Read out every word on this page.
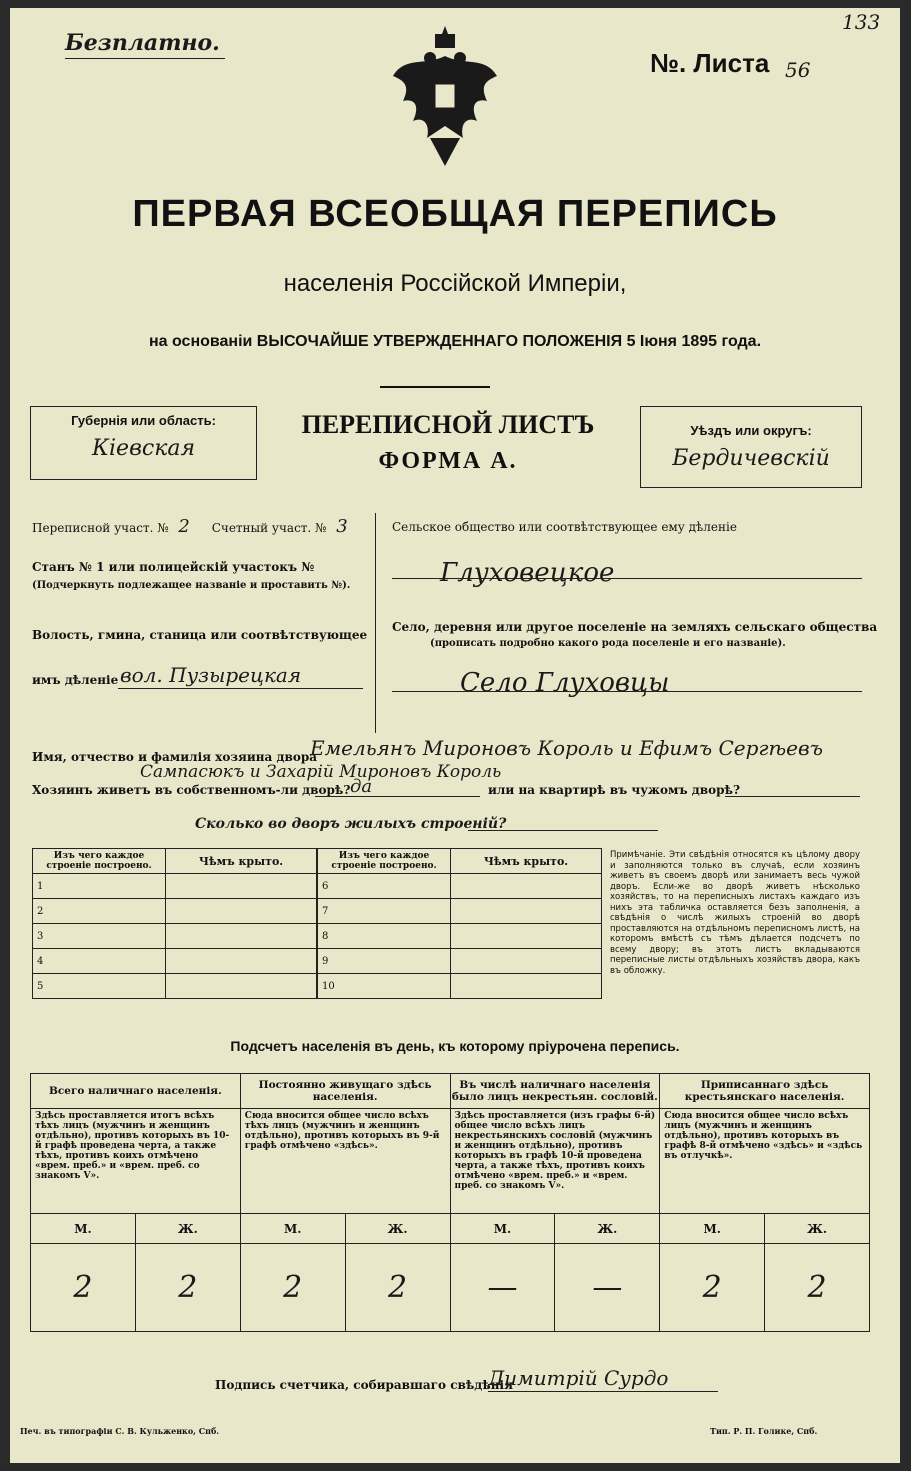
Безплатно.
№. Листа 56
133
ПЕРВАЯ ВСЕОБЩАЯ ПЕРЕПИСЬ
населенія Россійской Имперіи,
на основаніи ВЫСОЧАЙШЕ УТВЕРЖДЕННАГО ПОЛОЖЕНІЯ 5 Іюня 1895 года.
Губернія или область:
Кіевская
ПЕРЕПИСНОЙ ЛИСТЪ
ФОРМА А.
Уѣздъ или округъ:
Бердичевскій
Переписной участ. № 2 Счетный участ. № 3
Станъ № 1 или полицейскій участокъ №
(Подчеркнуть подлежащее названіе и проставить №).
Волость, гмина, станица или соотвѣтствующее
имъ дѣленіе вол. Пузырецкая
Сельское общество или соотвѣтствующее ему дѣленіе
Глуховецкое
Село, деревня или другое поселеніе на земляхъ сельскаго общества
(прописать подробно какого рода поселеніе и его названіе).
Село Глуховцы
Имя, отчество и фамилія хозяина двора
Емельянъ Мироновъ Король и Ефимъ Сергѣевъ
Сампасюкъ и Захарій Мироновъ Король
Хозяинъ живетъ въ собственномъ-ли дворѣ? да	или на квартирѣ въ чужомъ дворѣ?
Сколько во дворъ жилыхъ строеній?
Изъ чего каждое строеніе построено.	Чѣмъ крыто.
1	
2	
3	
4	
5	
Изъ чего каждое строеніе построено.	Чѣмъ крыто.
6	
7	
8	
9	
10	
Примѣчаніе. Эти свѣдѣнія относятся къ цѣлому двору и заполняются только въ случаѣ, если хозяинъ живетъ въ своемъ дворѣ или занимаетъ весь чужой дворъ. Если-же во дворѣ живетъ нѣсколько хозяйствъ, то на переписныхъ листахъ каждаго изъ нихъ эта табличка оставляется безъ заполненія, а свѣдѣнія о числѣ жилыхъ строеній во дворѣ проставляются на отдѣльномъ переписномъ листѣ, на которомъ вмѣстѣ съ тѣмъ дѣлается подсчетъ по всему двору; въ этотъ листъ вкладываются переписные листы отдѣльныхъ хозяйствъ двора, какъ въ обложку.
Подсчетъ населенія въ день, къ которому пріурочена перепись.
Всего наличнаго населенія.		Постоянно живущаго здѣсь населенія.		Въ числѣ наличнаго населенія было лицъ некрестьян. сословій.		Приписаннаго здѣсь крестьянскаго населенія.	
Здѣсь проставляется итогъ всѣхъ тѣхъ лицъ (мужчинъ и женщинъ отдѣльно), противъ которыхъ въ 10-й графѣ проведена черта, а также тѣхъ, противъ коихъ отмѣчено «врем. преб.» и «врем. преб. со знакомъ V».		Сюда вносится общее число всѣхъ тѣхъ лицъ (мужчинъ и женщинъ отдѣльно), противъ которыхъ въ 9-й графѣ отмѣчено «здѣсь».		Здѣсь проставляется (изъ графы 6-й) общее число всѣхъ лицъ некрестьянскихъ сословій (мужчинъ и женщинъ отдѣльно), противъ которыхъ въ графѣ 10-й проведена черта, а также тѣхъ, противъ коихъ отмѣчено «врем. преб.» и «врем. преб. со знакомъ V».		Сюда вносится общее число всѣхъ лицъ (мужчинъ и женщинъ отдѣльно), противъ которыхъ въ графѣ 8-й отмѣчено «здѣсь» и «здѣсь въ отлучкѣ».	
М.	Ж.	М.	Ж.	М.	Ж.	М.	Ж.
2	2	2	2	—	—	2	2
Подпись счетчика, собиравшаго свѣдѣнія
Димитрій Сурдо
Печ. въ типографіи С. В. Кульженко, Спб.	Тип. Р. П. Голике, Спб.
